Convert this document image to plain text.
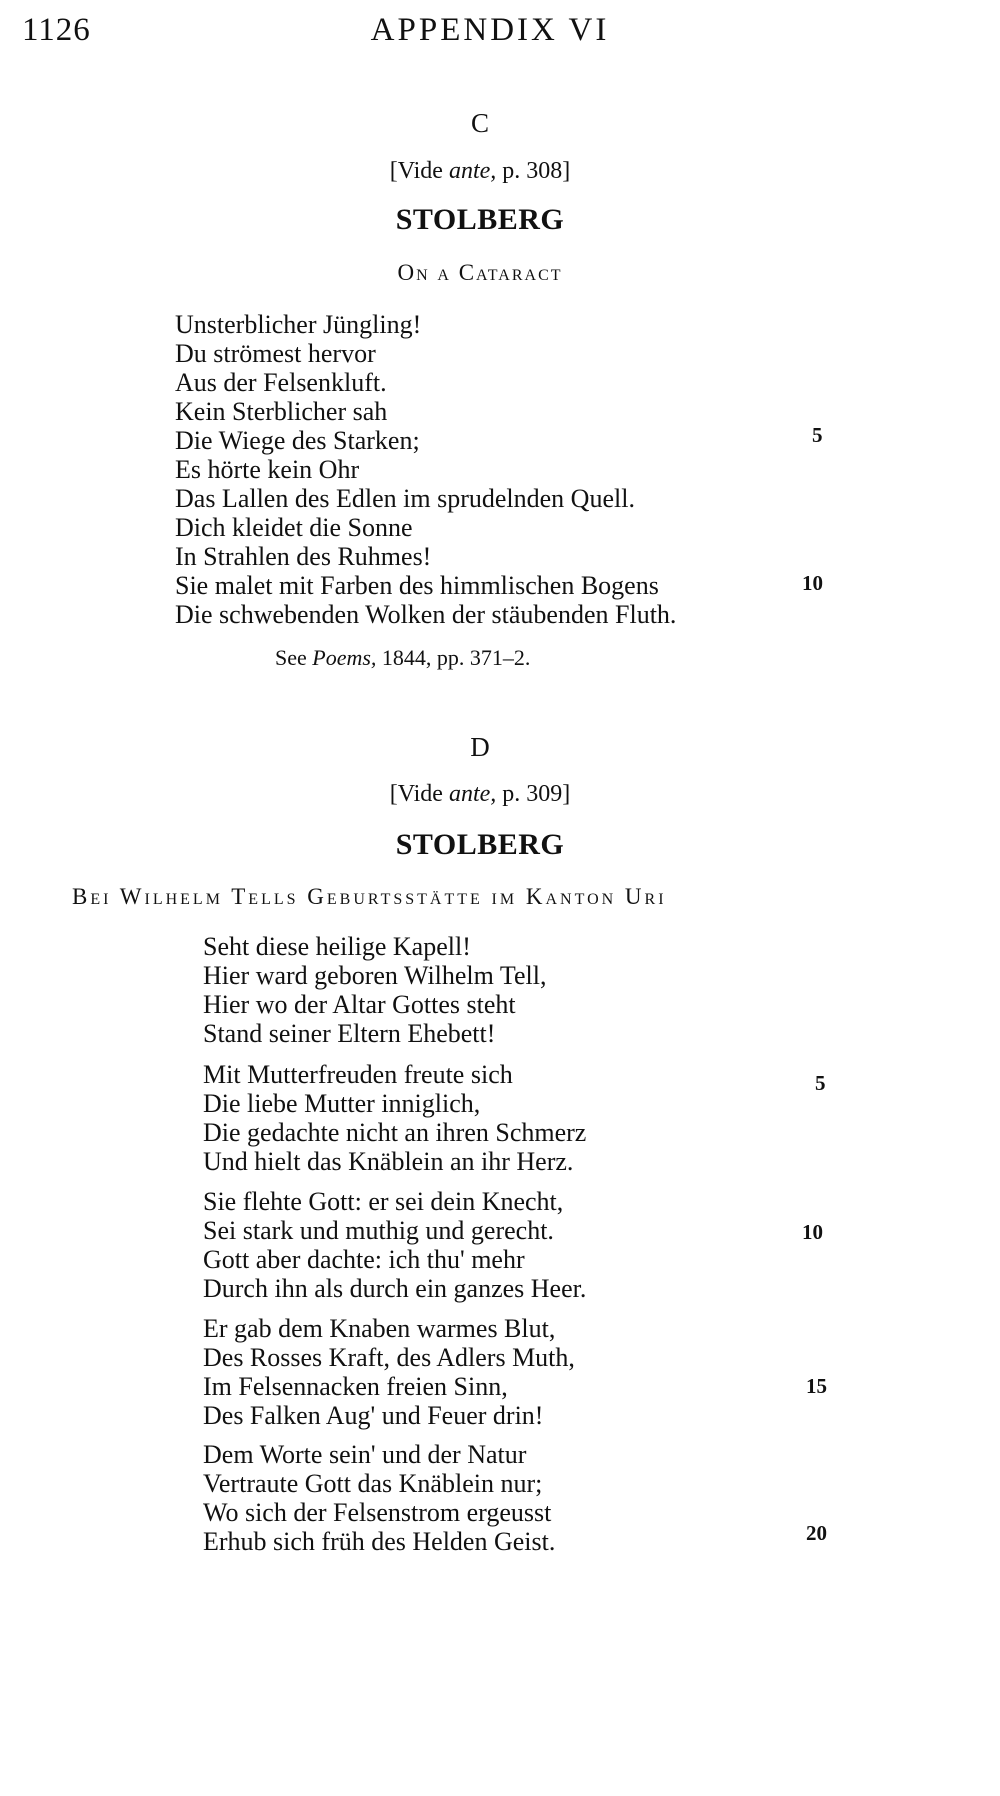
1126	APPENDIX VI
C
[Vide ante, p. 308]
STOLBERG
On a Cataract
Unsterblicher Jüngling!
Du strömest hervor
Aus der Felsenkluft.
Kein Sterblicher sah
Die Wiege des Starken;
Es hörte kein Ohr
Das Lallen des Edlen im sprudelnden Quell.
5
Dich kleidet die Sonne
In Strahlen des Ruhmes!
Sie malet mit Farben des himmlischen Bogens
Die schwebenden Wolken der stäubenden Fluth.
10
See Poems, 1844, pp. 371–2.
D
[Vide ante, p. 309]
STOLBERG
Bei Wilhelm Tells Geburtsstätte im Kanton Uri
Seht diese heilige Kapell!
Hier ward geboren Wilhelm Tell,
Hier wo der Altar Gottes steht
Stand seiner Eltern Ehebett!
Mit Mutterfreuden freute sich
Die liebe Mutter inniglich,
Die gedachte nicht an ihren Schmerz
Und hielt das Knäblein an ihr Herz.
5
Sie flehte Gott: er sei dein Knecht,
Sei stark und muthig und gerecht.
Gott aber dachte: ich thu' mehr
Durch ihn als durch ein ganzes Heer.
10
Er gab dem Knaben warmes Blut,
Des Rosses Kraft, des Adlers Muth,
Im Felsennacken freien Sinn,
Des Falken Aug' und Feuer drin!
15
Dem Worte sein' und der Natur
Vertraute Gott das Knäblein nur;
Wo sich der Felsenstrom ergeusst
Erhub sich früh des Helden Geist.	20
